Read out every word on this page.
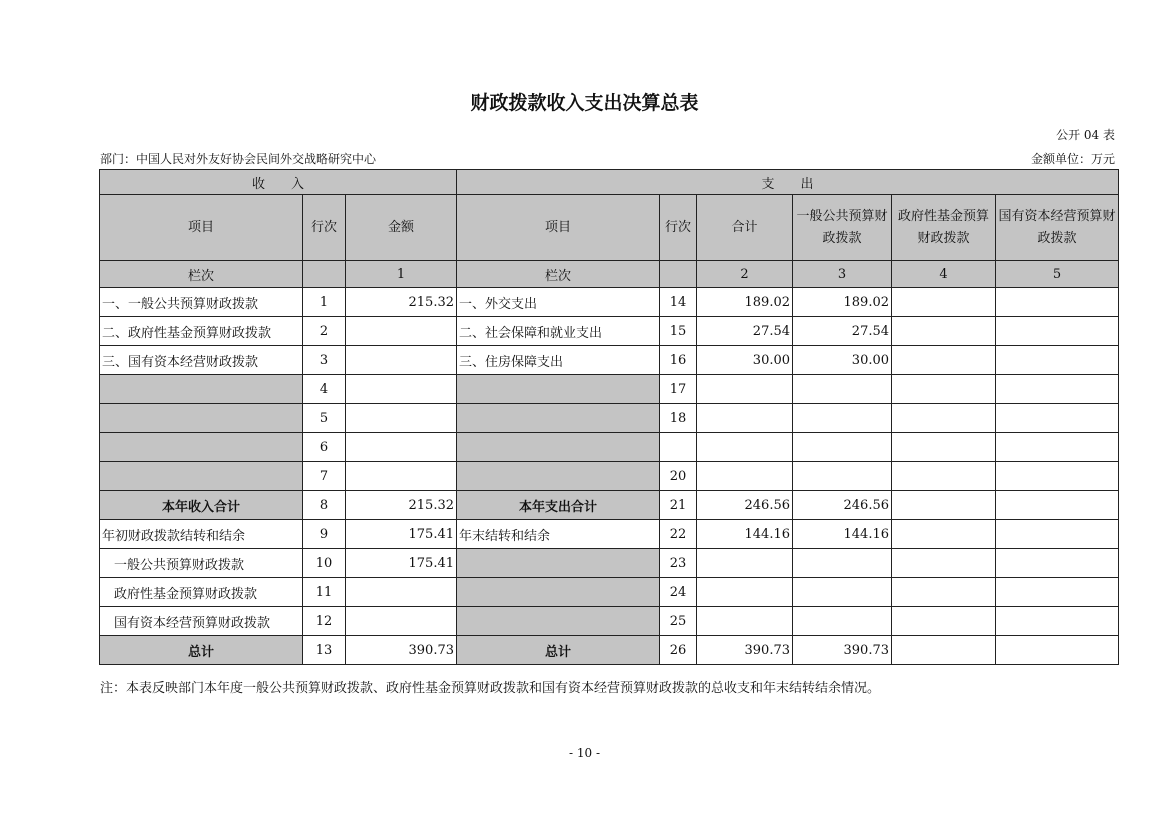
财政拨款收入支出决算总表
公开 04 表
部门：中国人民对外友好协会民间外交战略研究中心	金额单位：万元
收　　入			支　　出					
项目	行次	金额	项目	行次	合计	一般公共预算财政拨款	政府性基金预算财政拨款	国有资本经营预算财政拨款
栏次		1	栏次		2	3	4	5
一、一般公共预算财政拨款	1	215.32	一、外交支出	14	189.02	189.02		
二、政府性基金预算财政拨款	2		二、社会保障和就业支出	15	27.54	27.54		
三、国有资本经营财政拨款	3		三、住房保障支出	16	30.00	30.00		
	4			17				
	5			18				
	6							
	7			20				
本年收入合计	8	215.32	本年支出合计	21	246.56	246.56		
年初财政拨款结转和结余	9	175.41	年末结转和结余	22	144.16	144.16		
一般公共预算财政拨款	10	175.41		23				
政府性基金预算财政拨款	11			24				
国有资本经营预算财政拨款	12			25				
总计	13	390.73	总计	26	390.73	390.73		
注：本表反映部门本年度一般公共预算财政拨款、政府性基金预算财政拨款和国有资本经营预算财政拨款的总收支和年末结转结余情况。
- 10 -
